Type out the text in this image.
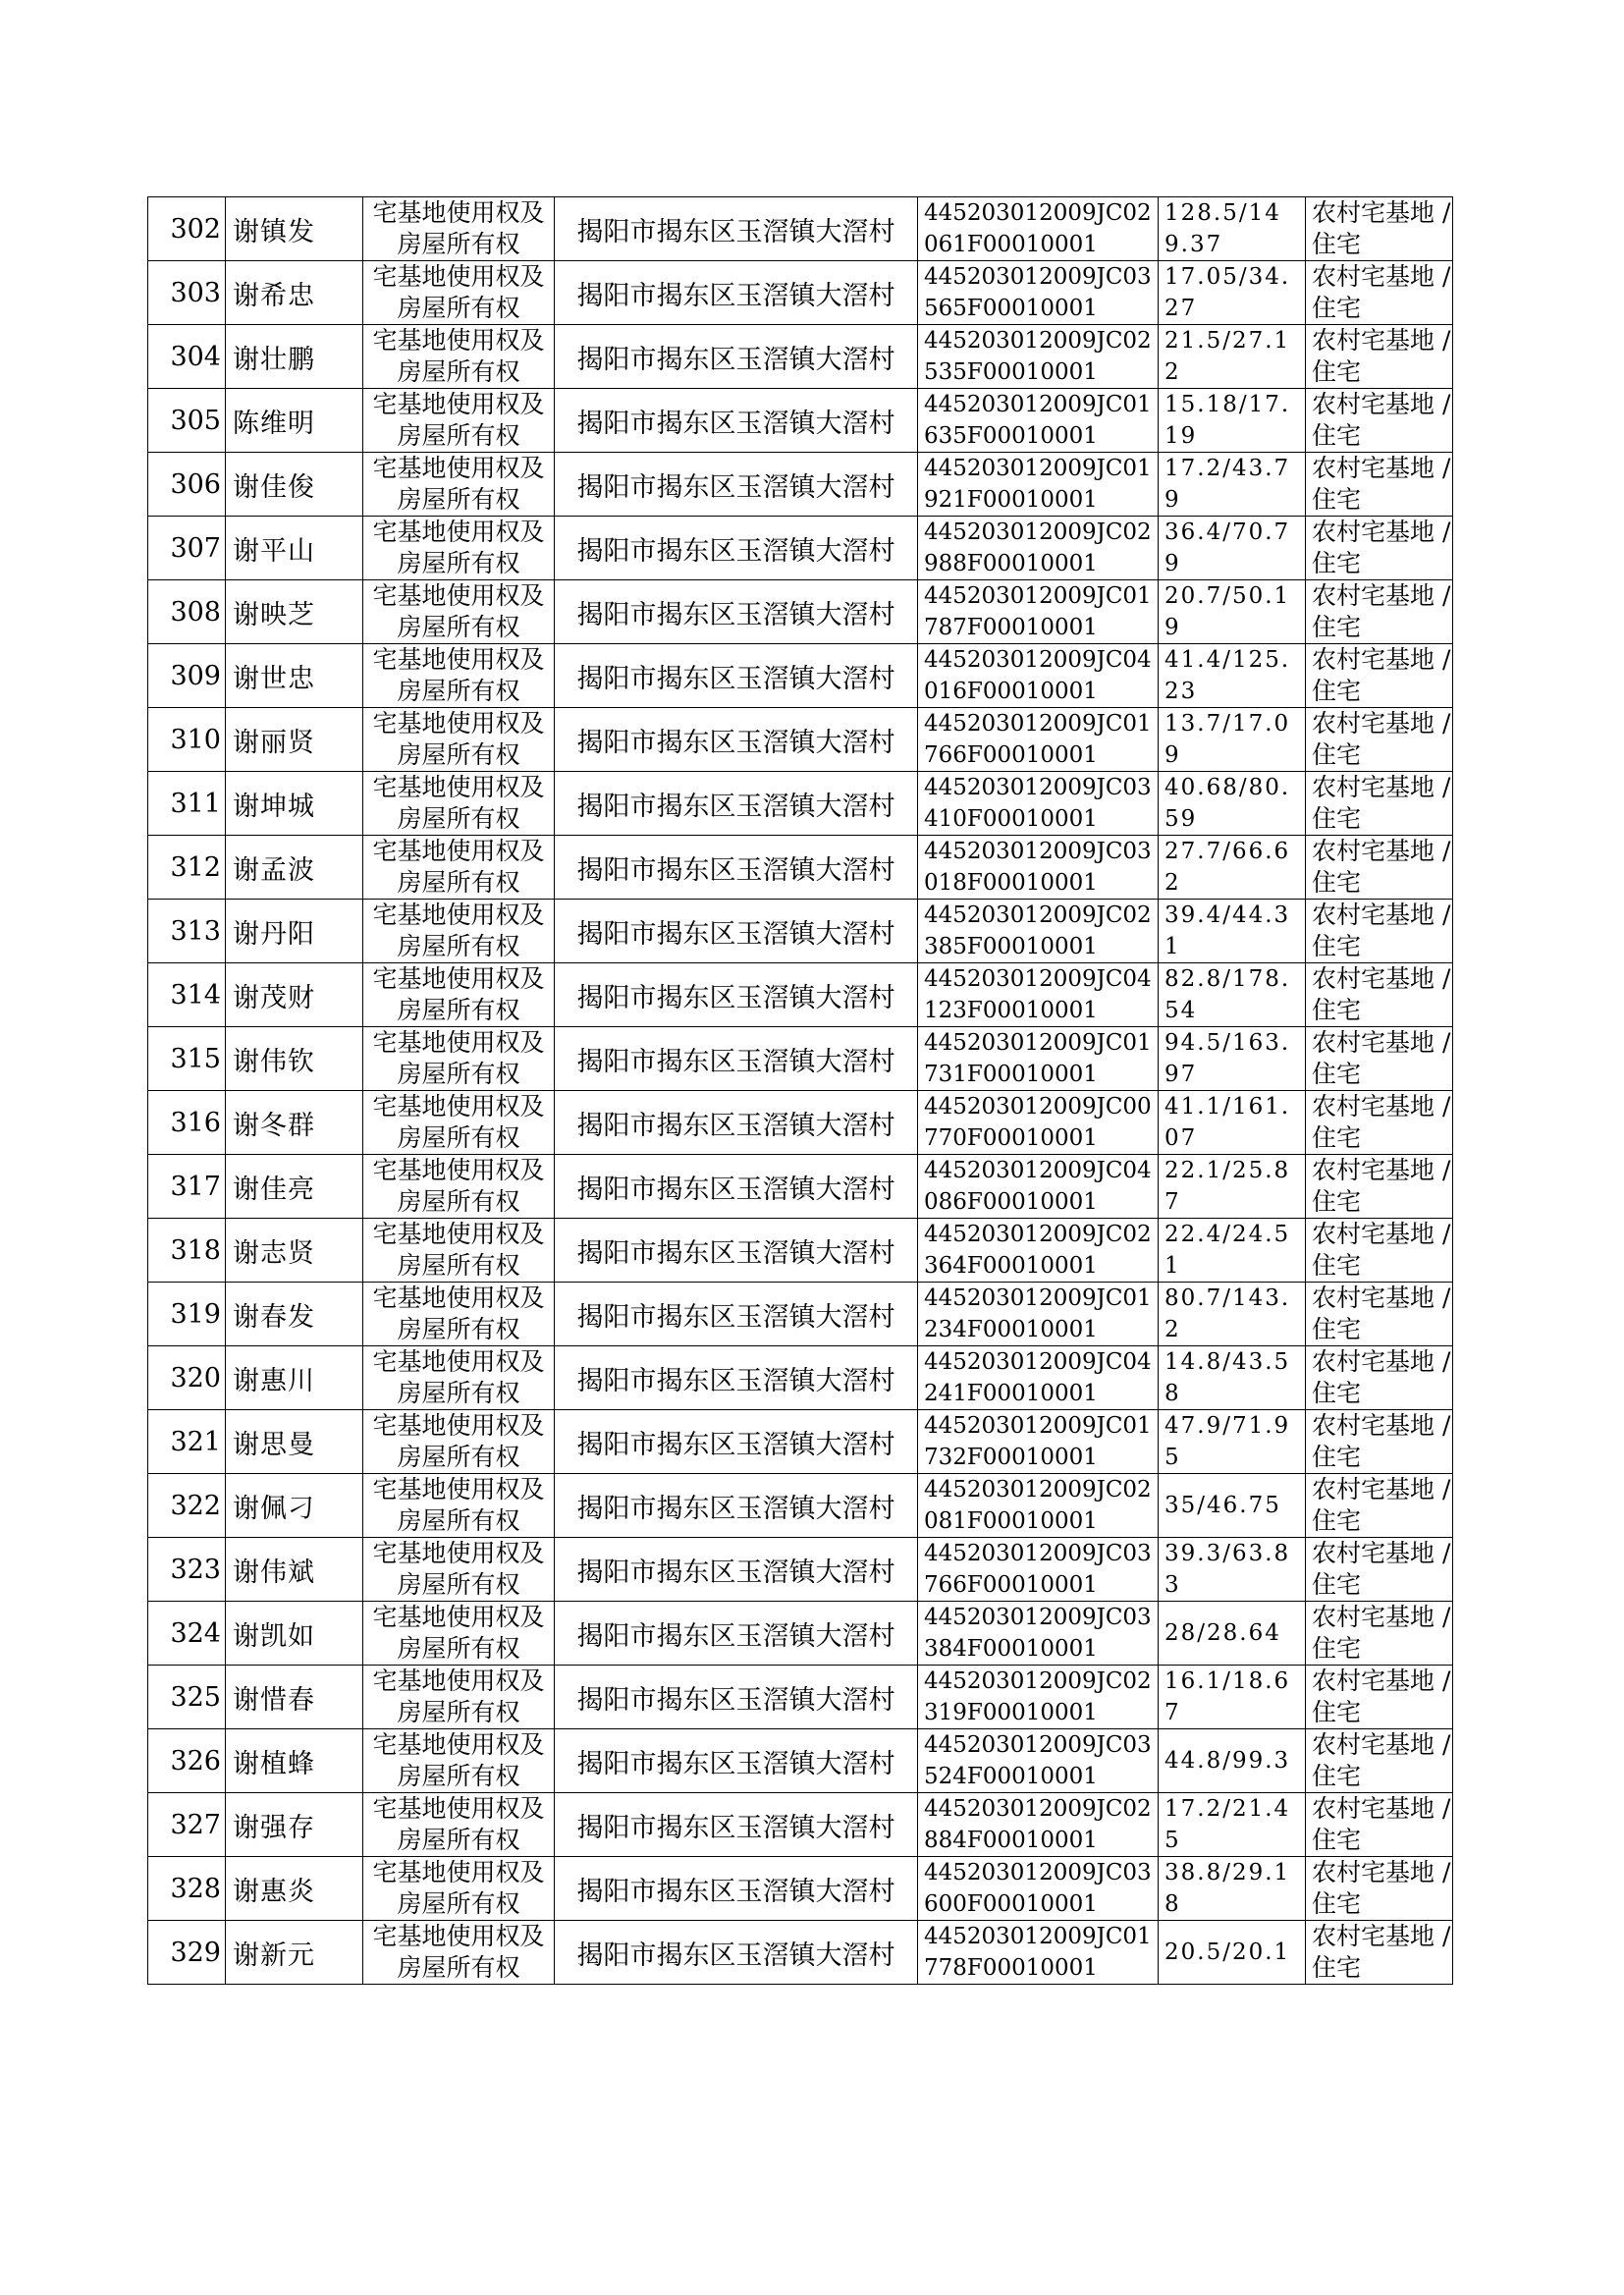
302	谢镇发	宅基地使用权及房屋所有权	揭阳市揭东区玉滘镇大滘村	445203012009JC02061F00010001	128.5/149.37	农村宅基地 / 住宅
303	谢希忠	宅基地使用权及房屋所有权	揭阳市揭东区玉滘镇大滘村	445203012009JC03565F00010001	17.05/34.27	农村宅基地 / 住宅
304	谢壮鹏	宅基地使用权及房屋所有权	揭阳市揭东区玉滘镇大滘村	445203012009JC02535F00010001	21.5/27.12	农村宅基地 / 住宅
305	陈维明	宅基地使用权及房屋所有权	揭阳市揭东区玉滘镇大滘村	445203012009JC01635F00010001	15.18/17.19	农村宅基地 / 住宅
306	谢佳俊	宅基地使用权及房屋所有权	揭阳市揭东区玉滘镇大滘村	445203012009JC01921F00010001	17.2/43.79	农村宅基地 / 住宅
307	谢平山	宅基地使用权及房屋所有权	揭阳市揭东区玉滘镇大滘村	445203012009JC02988F00010001	36.4/70.79	农村宅基地 / 住宅
308	谢映芝	宅基地使用权及房屋所有权	揭阳市揭东区玉滘镇大滘村	445203012009JC01787F00010001	20.7/50.19	农村宅基地 / 住宅
309	谢世忠	宅基地使用权及房屋所有权	揭阳市揭东区玉滘镇大滘村	445203012009JC04016F00010001	41.4/125.23	农村宅基地 / 住宅
310	谢丽贤	宅基地使用权及房屋所有权	揭阳市揭东区玉滘镇大滘村	445203012009JC01766F00010001	13.7/17.09	农村宅基地 / 住宅
311	谢坤城	宅基地使用权及房屋所有权	揭阳市揭东区玉滘镇大滘村	445203012009JC03410F00010001	40.68/80.59	农村宅基地 / 住宅
312	谢孟波	宅基地使用权及房屋所有权	揭阳市揭东区玉滘镇大滘村	445203012009JC03018F00010001	27.7/66.62	农村宅基地 / 住宅
313	谢丹阳	宅基地使用权及房屋所有权	揭阳市揭东区玉滘镇大滘村	445203012009JC02385F00010001	39.4/44.31	农村宅基地 / 住宅
314	谢茂财	宅基地使用权及房屋所有权	揭阳市揭东区玉滘镇大滘村	445203012009JC04123F00010001	82.8/178.54	农村宅基地 / 住宅
315	谢伟钦	宅基地使用权及房屋所有权	揭阳市揭东区玉滘镇大滘村	445203012009JC01731F00010001	94.5/163.97	农村宅基地 / 住宅
316	谢冬群	宅基地使用权及房屋所有权	揭阳市揭东区玉滘镇大滘村	445203012009JC00770F00010001	41.1/161.07	农村宅基地 / 住宅
317	谢佳亮	宅基地使用权及房屋所有权	揭阳市揭东区玉滘镇大滘村	445203012009JC04086F00010001	22.1/25.87	农村宅基地 / 住宅
318	谢志贤	宅基地使用权及房屋所有权	揭阳市揭东区玉滘镇大滘村	445203012009JC02364F00010001	22.4/24.51	农村宅基地 / 住宅
319	谢春发	宅基地使用权及房屋所有权	揭阳市揭东区玉滘镇大滘村	445203012009JC01234F00010001	80.7/143.2	农村宅基地 / 住宅
320	谢惠川	宅基地使用权及房屋所有权	揭阳市揭东区玉滘镇大滘村	445203012009JC04241F00010001	14.8/43.58	农村宅基地 / 住宅
321	谢思曼	宅基地使用权及房屋所有权	揭阳市揭东区玉滘镇大滘村	445203012009JC01732F00010001	47.9/71.95	农村宅基地 / 住宅
322	谢佩刁	宅基地使用权及房屋所有权	揭阳市揭东区玉滘镇大滘村	445203012009JC02081F00010001	35/46.75	农村宅基地 / 住宅
323	谢伟斌	宅基地使用权及房屋所有权	揭阳市揭东区玉滘镇大滘村	445203012009JC03766F00010001	39.3/63.83	农村宅基地 / 住宅
324	谢凯如	宅基地使用权及房屋所有权	揭阳市揭东区玉滘镇大滘村	445203012009JC03384F00010001	28/28.64	农村宅基地 / 住宅
325	谢惜春	宅基地使用权及房屋所有权	揭阳市揭东区玉滘镇大滘村	445203012009JC02319F00010001	16.1/18.67	农村宅基地 / 住宅
326	谢植蜂	宅基地使用权及房屋所有权	揭阳市揭东区玉滘镇大滘村	445203012009JC03524F00010001	44.8/99.3	农村宅基地 / 住宅
327	谢强存	宅基地使用权及房屋所有权	揭阳市揭东区玉滘镇大滘村	445203012009JC02884F00010001	17.2/21.45	农村宅基地 / 住宅
328	谢惠炎	宅基地使用权及房屋所有权	揭阳市揭东区玉滘镇大滘村	445203012009JC03600F00010001	38.8/29.18	农村宅基地 / 住宅
329	谢新元	宅基地使用权及房屋所有权	揭阳市揭东区玉滘镇大滘村	445203012009JC01778F00010001	20.5/20.1	农村宅基地 / 住宅
